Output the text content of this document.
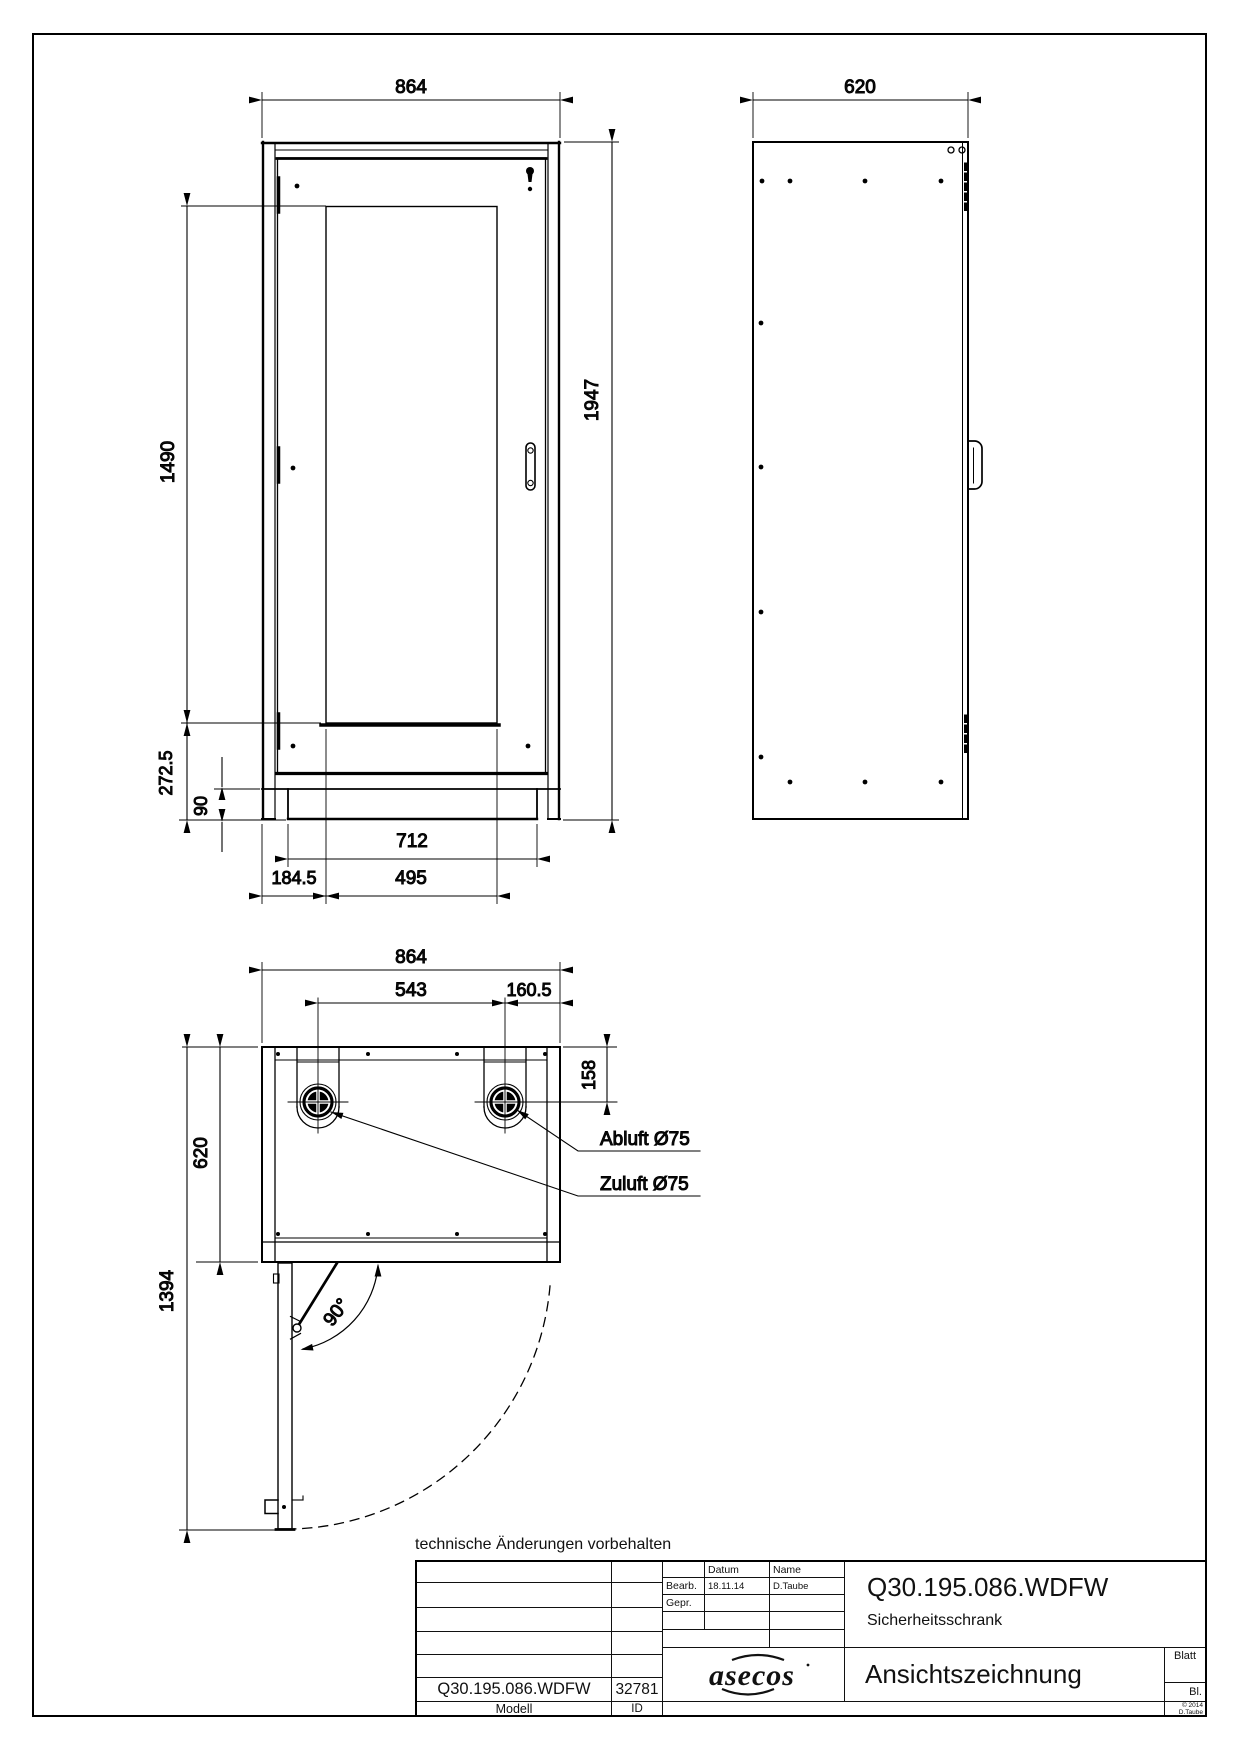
864
1947
1490
272.5
90
712
184.5	495
620
864
543	160.5
158
620
1394
90°
Abluft Ø75
Zuluft Ø75
technische Änderungen vorbehalten
Q30.195.086.WDFW	32781
Modell	ID
Datum	Name
Bearb.	18.11.14	D.Taube
Gepr.
asecos
Q30.195.086.WDFW
Sicherheitsschrank
Ansichtszeichnung
Blatt
Bl.
© 2014
D.Taube
